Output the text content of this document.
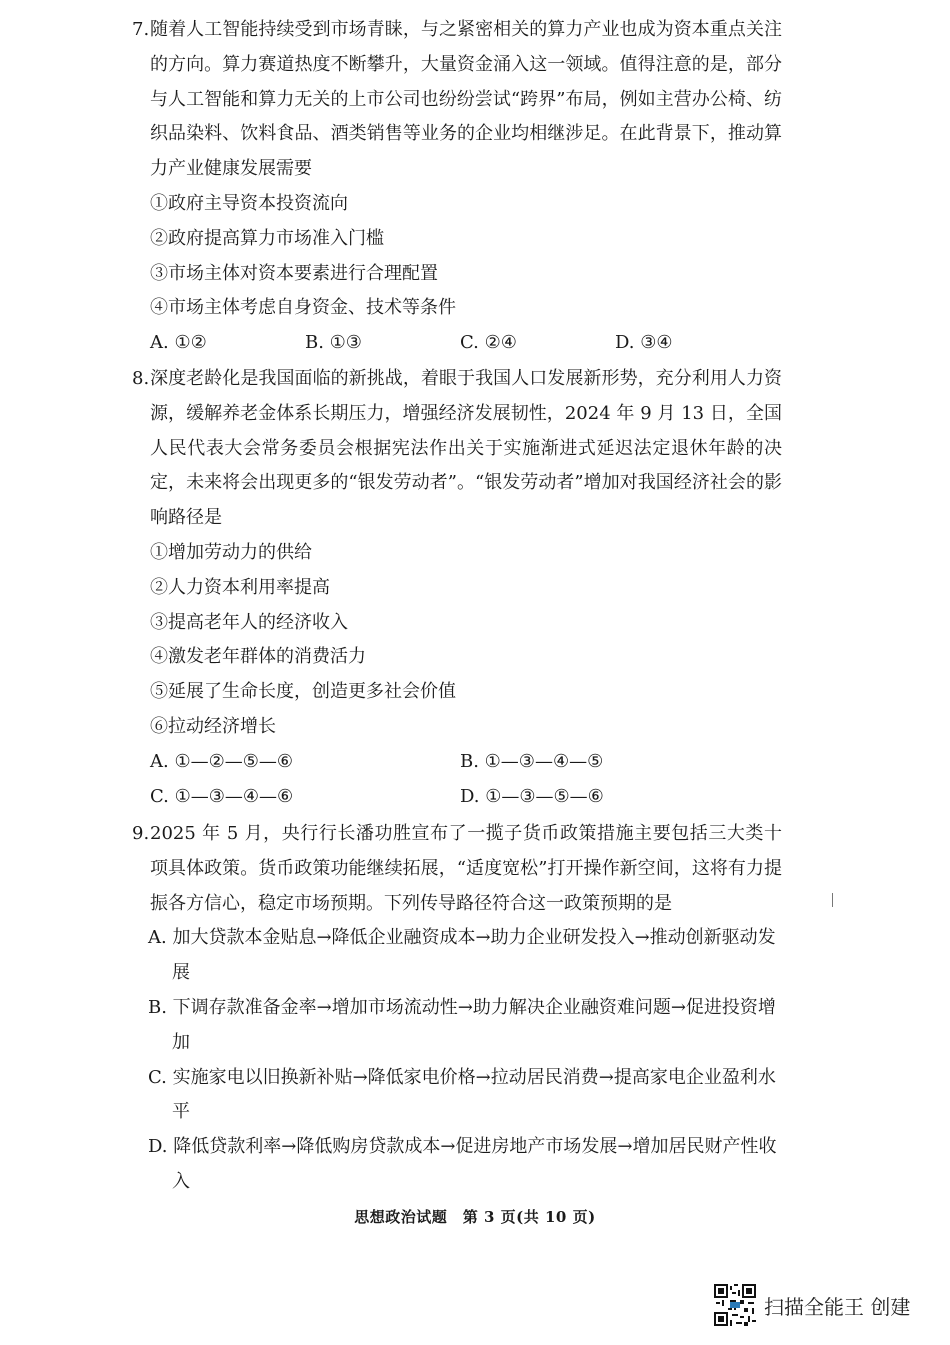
7.随着人工智能持续受到市场青睐，与之紧密相关的算力产业也成为资本重点关注的方向。算力赛道热度不断攀升，大量资金涌入这一领域。值得注意的是，部分与人工智能和算力无关的上市公司也纷纷尝试“跨界”布局，例如主营办公椅、纺织品染料、饮料食品、酒类销售等业务的企业均相继涉足。在此背景下，推动算力产业健康发展需要

①政府主导资本投资流向

②政府提高算力市场准入门槛

③市场主体对资本要素进行合理配置

④市场主体考虑自身资金、技术等条件

A. ①②	B. ①③	C. ②④	D. ③④

8.深度老龄化是我国面临的新挑战，着眼于我国人口发展新形势，充分利用人力资源，缓解养老金体系长期压力，增强经济发展韧性，2024 年 9 月 13 日，全国人民代表大会常务委员会根据宪法作出关于实施渐进式延迟法定退休年龄的决定，未来将会出现更多的“银发劳动者”。“银发劳动者”增加对我国经济社会的影响路径是

①增加劳动力的供给

②人力资本利用率提高

③提高老年人的经济收入

④激发老年群体的消费活力

⑤延展了生命长度，创造更多社会价值

⑥拉动经济增长

A. ①—②—⑤—⑥	B. ①—③—④—⑤
C. ①—③—④—⑥	D. ①—③—⑤—⑥

9.2025 年 5 月，央行行长潘功胜宣布了一揽子货币政策措施主要包括三大类十项具体政策。货币政策功能继续拓展，“适度宽松”打开操作新空间，这将有力提振各方信心，稳定市场预期。下列传导路径符合这一政策预期的是

A. 加大贷款本金贴息→降低企业融资成本→助力企业研发投入→推动创新驱动发展

B. 下调存款准备金率→增加市场流动性→助力解决企业融资难问题→促进投资增加

C. 实施家电以旧换新补贴→降低家电价格→拉动居民消费→提高家电企业盈利水平

D. 降低贷款利率→降低购房贷款成本→促进房地产市场发展→增加居民财产性收入

思想政治试题　第 3 页(共 10 页)
扫描全能王 创建
